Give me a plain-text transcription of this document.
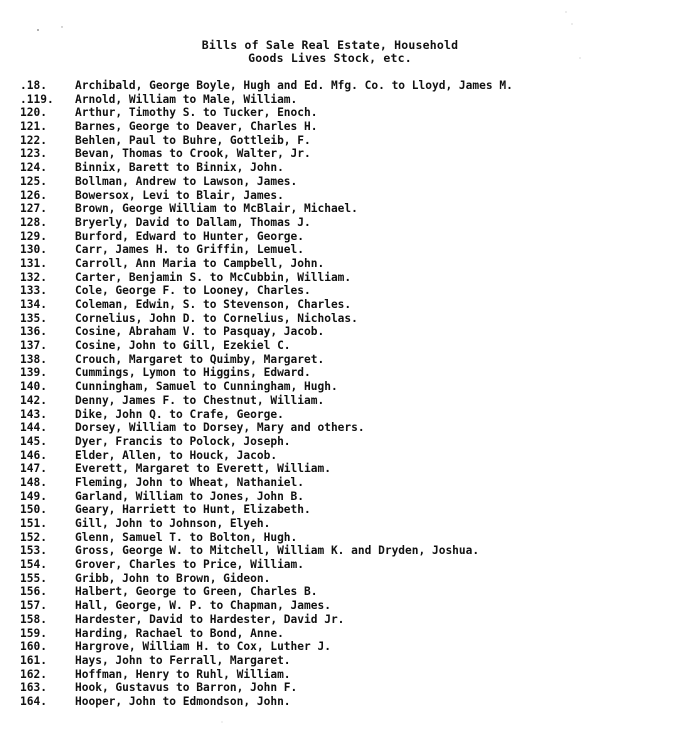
Bills of Sale Real Estate, Household
Goods Lives Stock, etc.
.18.	Archibald, George Boyle, Hugh and Ed. Mfg. Co. to Lloyd, James M.
.119.	Arnold, William to Male, William.
120.	Arthur, Timothy S. to Tucker, Enoch.
121.	Barnes, George to Deaver, Charles H.
122.	Behlen, Paul to Buhre, Gottleib, F.
123.	Bevan, Thomas to Crook, Walter, Jr.
124.	Binnix, Barett to Binnix, John.
125.	Bollman, Andrew to Lawson, James.
126.	Bowersox, Levi to Blair, James.
127.	Brown, George William to McBlair, Michael.
128.	Bryerly, David to Dallam, Thomas J.
129.	Burford, Edward to Hunter, George.
130.	Carr, James H. to Griffin, Lemuel.
131.	Carroll, Ann Maria to Campbell, John.
132.	Carter, Benjamin S. to McCubbin, William.
133.	Cole, George F. to Looney, Charles.
134.	Coleman, Edwin, S. to Stevenson, Charles.
135.	Cornelius, John D. to Cornelius, Nicholas.
136.	Cosine, Abraham V. to Pasquay, Jacob.
137.	Cosine, John to Gill, Ezekiel C.
138.	Crouch, Margaret to Quimby, Margaret.
139.	Cummings, Lymon to Higgins, Edward.
140.	Cunningham, Samuel to Cunningham, Hugh.
142.	Denny, James F. to Chestnut, William.
143.	Dike, John Q. to Crafe, George.
144.	Dorsey, William to Dorsey, Mary and others.
145.	Dyer, Francis to Polock, Joseph.
146.	Elder, Allen, to Houck, Jacob.
147.	Everett, Margaret to Everett, William.
148.	Fleming, John to Wheat, Nathaniel.
149.	Garland, William to Jones, John B.
150.	Geary, Harriett to Hunt, Elizabeth.
151.	Gill, John to Johnson, Elyeh.
152.	Glenn, Samuel T. to Bolton, Hugh.
153.	Gross, George W. to Mitchell, William K. and Dryden, Joshua.
154.	Grover, Charles to Price, William.
155.	Gribb, John to Brown, Gideon.
156.	Halbert, George to Green, Charles B.
157.	Hall, George, W. P. to Chapman, James.
158.	Hardester, David to Hardester, David Jr.
159.	Harding, Rachael to Bond, Anne.
160.	Hargrove, William H. to Cox, Luther J.
161.	Hays, John to Ferrall, Margaret.
162.	Hoffman, Henry to Ruhl, William.
163.	Hook, Gustavus to Barron, John F.
164.	Hooper, John to Edmondson, John.
